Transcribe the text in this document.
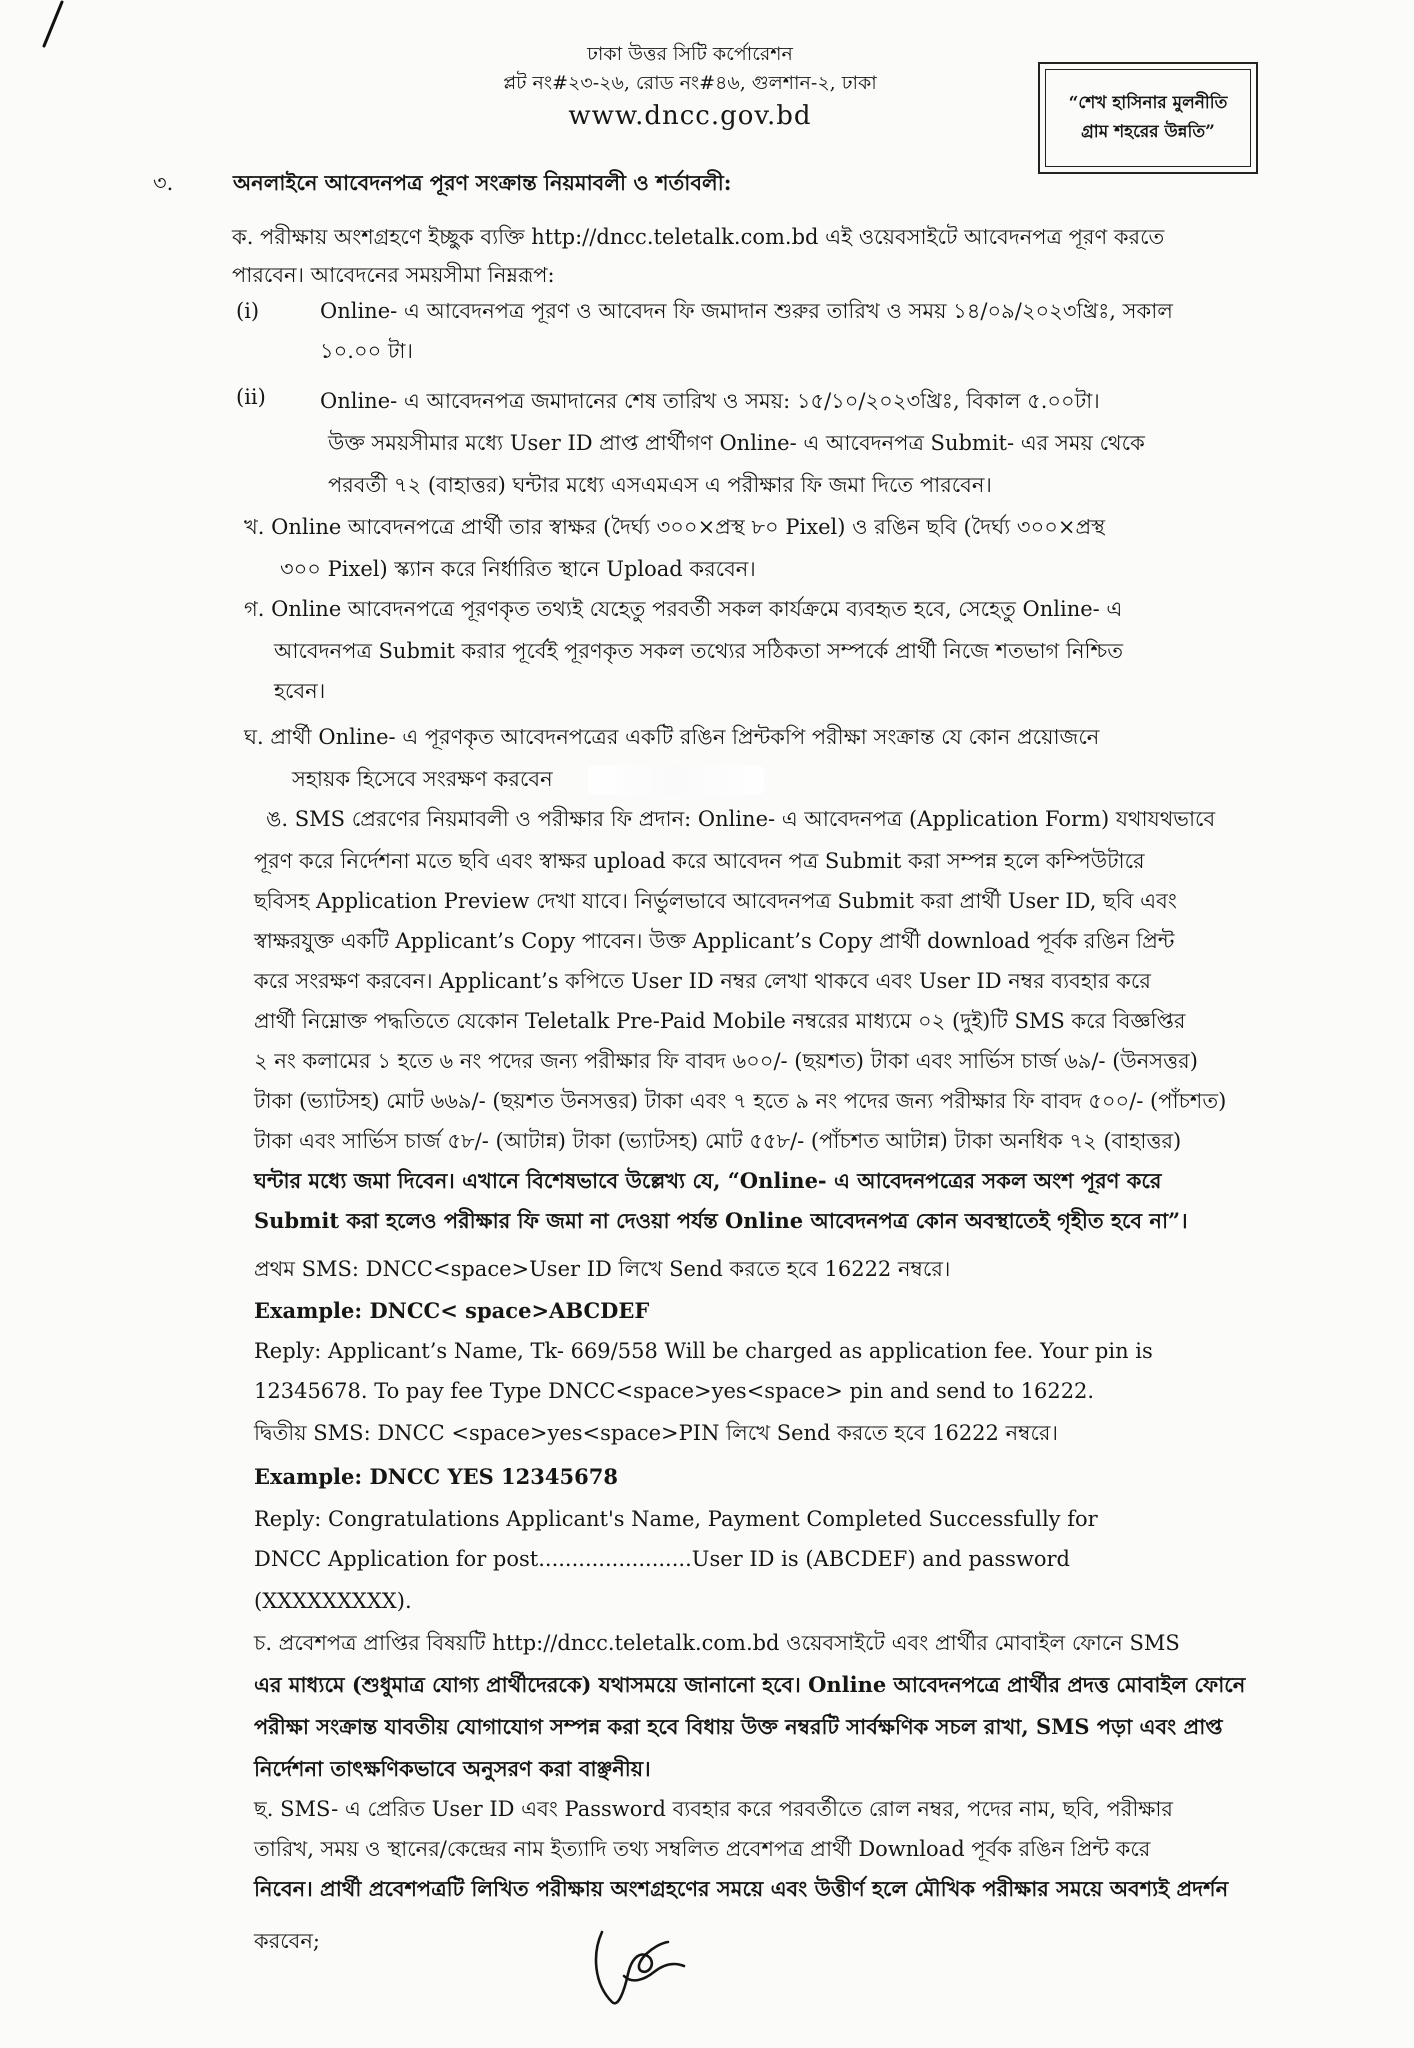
ঢাকা উত্তর সিটি কর্পোরেশন
প্লট নং#২৩-২৬, রোড নং#৪৬, গুলশান-২, ঢাকা
www.dncc.gov.bd	“শেখ হাসিনার মুলনীতি
গ্রাম শহরের উন্নতি”
৩.	অনলাইনে আবেদনপত্র পূরণ সংক্রান্ত নিয়মাবলী ও শর্তাবলী:
ক. পরীক্ষায় অংশগ্রহণে ইচ্ছুক ব্যক্তি http://dncc.teletalk.com.bd এই ওয়েবসাইটে আবেদনপত্র পূরণ করতে
পারবেন। আবেদনের সময়সীমা নিম্নরূপ:
(i)	Online- এ আবেদনপত্র পূরণ ও আবেদন ফি জমাদান শুরুর তারিখ ও সময় ১৪/০৯/২০২৩খ্রিঃ, সকাল
১০.০০ টা।
(ii)	Online- এ আবেদনপত্র জমাদানের শেষ তারিখ ও সময়: ১৫/১০/২০২৩খ্রিঃ, বিকাল ৫.০০টা।
উক্ত সময়সীমার মধ্যে User ID প্রাপ্ত প্রার্থীগণ Online- এ আবেদনপত্র Submit- এর সময় থেকে
পরবর্তী ৭২ (বাহাত্তর) ঘন্টার মধ্যে এসএমএস এ পরীক্ষার ফি জমা দিতে পারবেন।
খ. Online আবেদনপত্রে প্রার্থী তার স্বাক্ষর (দৈর্ঘ্য ৩০০×প্রস্থ ৮০ Pixel) ও রঙিন ছবি (দৈর্ঘ্য ৩০০×প্রস্থ
৩০০ Pixel) স্ক্যান করে নির্ধারিত স্থানে Upload করবেন।
গ. Online আবেদনপত্রে পূরণকৃত তথ্যই যেহেতু পরবর্তী সকল কার্যক্রমে ব্যবহৃত হবে, সেহেতু Online- এ
আবেদনপত্র Submit করার পূর্বেই পূরণকৃত সকল তথ্যের সঠিকতা সম্পর্কে প্রার্থী নিজে শতভাগ নিশ্চিত
হবেন।
ঘ. প্রার্থী Online- এ পূরণকৃত আবেদনপত্রের একটি রঙিন প্রিন্টকপি পরীক্ষা সংক্রান্ত যে কোন প্রয়োজনে
সহায়ক হিসেবে সংরক্ষণ করবেন
ঙ. SMS প্রেরণের নিয়মাবলী ও পরীক্ষার ফি প্রদান: Online- এ আবেদনপত্র (Application Form) যথাযথভাবে
পূরণ করে নির্দেশনা মতে ছবি এবং স্বাক্ষর upload করে আবেদন পত্র Submit করা সম্পন্ন হলে কম্পিউটারে
ছবিসহ Application Preview দেখা যাবে। নির্ভুলভাবে আবেদনপত্র Submit করা প্রার্থী User ID, ছবি এবং
স্বাক্ষরযুক্ত একটি Applicant’s Copy পাবেন। উক্ত Applicant’s Copy প্রার্থী download পূর্বক রঙিন প্রিন্ট
করে সংরক্ষণ করবেন। Applicant’s কপিতে User ID নম্বর লেখা থাকবে এবং User ID নম্বর ব্যবহার করে
প্রার্থী নিম্নোক্ত পদ্ধতিতে যেকোন Teletalk Pre-Paid Mobile নম্বরের মাধ্যমে ০২ (দুই)টি SMS করে বিজ্ঞপ্তির
২ নং কলামের ১ হতে ৬ নং পদের জন্য পরীক্ষার ফি বাবদ ৬০০/- (ছয়শত) টাকা এবং সার্ভিস চার্জ ৬৯/- (উনসত্তর)
টাকা (ভ্যাটসহ) মোট ৬৬৯/- (ছয়শত উনসত্তর) টাকা এবং ৭ হতে ৯ নং পদের জন্য পরীক্ষার ফি বাবদ ৫০০/- (পাঁচশত)
টাকা এবং সার্ভিস চার্জ ৫৮/- (আটান্ন) টাকা (ভ্যাটসহ) মোট ৫৫৮/- (পাঁচশত আটান্ন) টাকা অনধিক ৭২ (বাহাত্তর)
ঘন্টার মধ্যে জমা দিবেন। এখানে বিশেষভাবে উল্লেখ্য যে, “Online- এ আবেদনপত্রের সকল অংশ পূরণ করে
Submit করা হলেও পরীক্ষার ফি জমা না দেওয়া পর্যন্ত Online আবেদনপত্র কোন অবস্থাতেই গৃহীত হবে না”।
প্রথম SMS: DNCC<space>User ID লিখে Send করতে হবে 16222 নম্বরে।
Example: DNCC< space>ABCDEF
Reply: Applicant’s Name, Tk- 669/558 Will be charged as application fee. Your pin is
12345678. To pay fee Type DNCC<space>yes<space> pin and send to 16222.
দ্বিতীয় SMS: DNCC <space>yes<space>PIN লিখে Send করতে হবে 16222 নম্বরে।
Example: DNCC YES 12345678
Reply: Congratulations Applicant's Name, Payment Completed Successfully for
DNCC Application for post.......................User ID is (ABCDEF) and password
(XXXXXXXXX).
চ. প্রবেশপত্র প্রাপ্তির বিষয়টি http://dncc.teletalk.com.bd ওয়েবসাইটে এবং প্রার্থীর মোবাইল ফোনে SMS
এর মাধ্যমে (শুধুমাত্র যোগ্য প্রার্থীদেরকে) যথাসময়ে জানানো হবে। Online আবেদনপত্রে প্রার্থীর প্রদত্ত মোবাইল ফোনে
পরীক্ষা সংক্রান্ত যাবতীয় যোগাযোগ সম্পন্ন করা হবে বিধায় উক্ত নম্বরটি সার্বক্ষণিক সচল রাখা, SMS পড়া এবং প্রাপ্ত
নির্দেশনা তাৎক্ষণিকভাবে অনুসরণ করা বাঞ্ছনীয়।
ছ. SMS- এ প্রেরিত User ID এবং Password ব্যবহার করে পরবর্তীতে রোল নম্বর, পদের নাম, ছবি, পরীক্ষার
তারিখ, সময় ও স্থানের/কেন্দ্রের নাম ইত্যাদি তথ্য সম্বলিত প্রবেশপত্র প্রার্থী Download পূর্বক রঙিন প্রিন্ট করে
নিবেন। প্রার্থী প্রবেশপত্রটি লিখিত পরীক্ষায় অংশগ্রহণের সময়ে এবং উত্তীর্ণ হলে মৌখিক পরীক্ষার সময়ে অবশ্যই প্রদর্শন
করবেন;
